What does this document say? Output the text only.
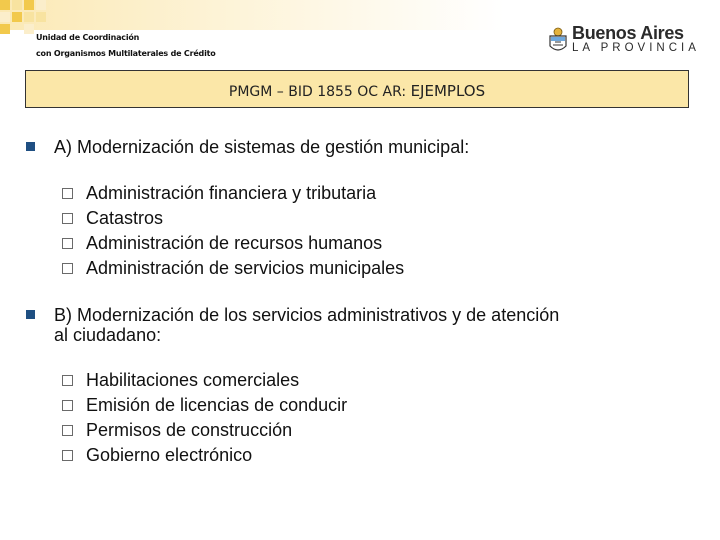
Unidad de Coordinación
con Organismos Multilaterales de Crédito
Buenos Aires
LA PROVINCIA
PMGM – BID 1855 OC AR: EJEMPLOS
A) Modernización de sistemas de gestión municipal:
Administración financiera y tributaria
Catastros
Administración de recursos humanos
Administración de servicios municipales
B) Modernización de los servicios administrativos y de atención
al ciudadano:
Habilitaciones comerciales
Emisión de licencias de conducir
Permisos de construcción
Gobierno electrónico
